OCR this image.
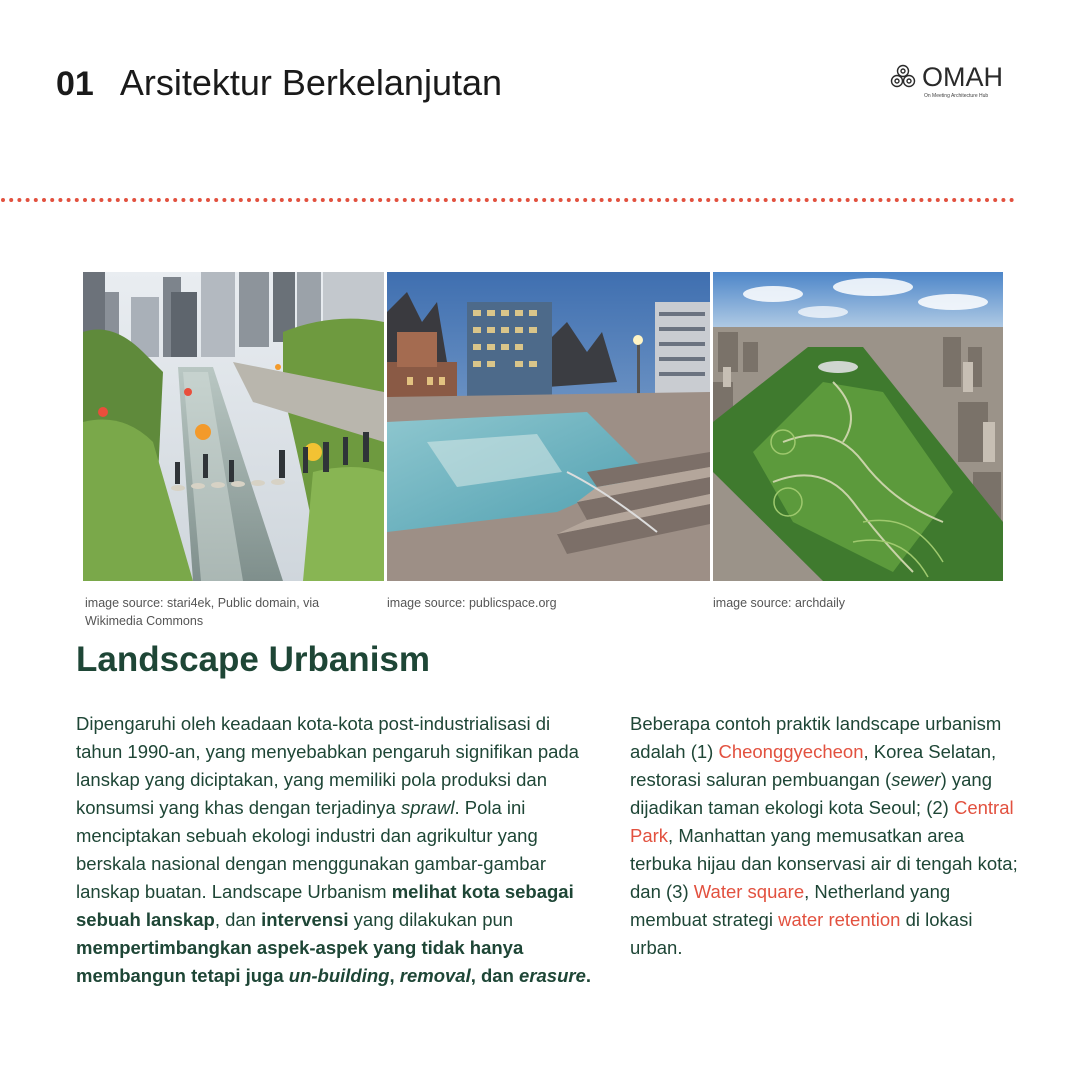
01 Arsitektur Berkelanjutan	OMAH
On Meeting Architecture Hub
image source: stari4ek, Public domain, via Wikimedia Commons
image source: publicspace.org	image source: archdaily
Landscape Urbanism
Dipengaruhi oleh keadaan kota-kota post-industrialisasi di tahun 1990-an, yang menyebabkan pengaruh signifikan pada lanskap yang diciptakan, yang memiliki pola produksi dan konsumsi yang khas dengan terjadinya sprawl. Pola ini menciptakan sebuah ekologi industri dan agrikultur yang berskala nasional dengan menggunakan gambar-gambar lanskap buatan. Landscape Urbanism melihat kota sebagai sebuah lanskap, dan intervensi yang dilakukan pun mempertimbangkan aspek-aspek yang tidak hanya membangun tetapi juga un-building, removal, dan erasure.
Beberapa contoh praktik landscape urbanism adalah (1) Cheonggyecheon, Korea Selatan, restorasi saluran pembuangan (sewer) yang dijadikan taman ekologi kota Seoul; (2) Central Park, Manhattan yang memusatkan area terbuka hijau dan konservasi air di tengah kota; dan (3) Water square, Netherland yang membuat strategi water retention di lokasi urban.
